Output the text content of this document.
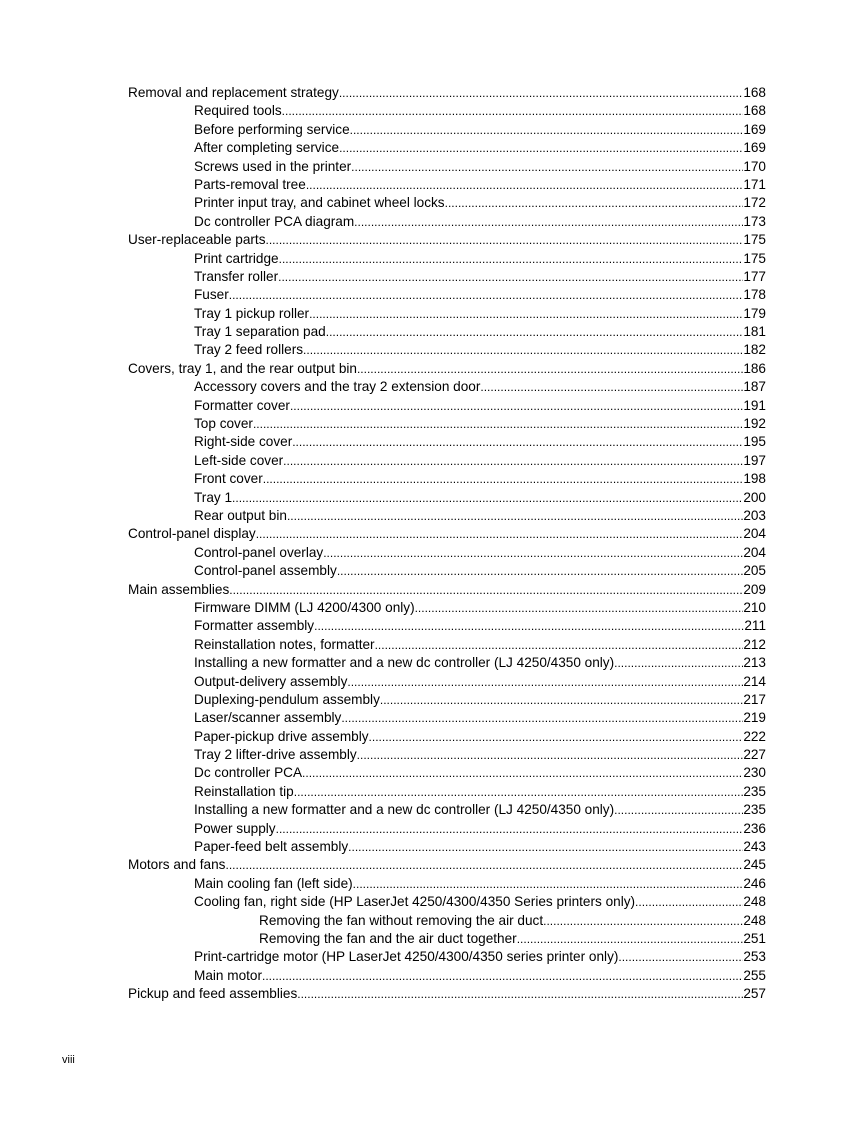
Removal and replacement strategy .....	168
Required tools .....	168
Before performing service .....	169
After completing service .....	169
Screws used in the printer .....	170
Parts-removal tree .....	171
Printer input tray, and cabinet wheel locks .....	172
Dc controller PCA diagram .....	173
User-replaceable parts .....	175
Print cartridge .....	175
Transfer roller .....	177
Fuser .....	178
Tray 1 pickup roller .....	179
Tray 1 separation pad .....	181
Tray 2 feed rollers .....	182
Covers, tray 1, and the rear output bin .....	186
Accessory covers and the tray 2 extension door .....	187
Formatter cover .....	191
Top cover .....	192
Right-side cover .....	195
Left-side cover .....	197
Front cover .....	198
Tray 1 .....	200
Rear output bin .....	203
Control-panel display .....	204
Control-panel overlay .....	204
Control-panel assembly .....	205
Main assemblies .....	209
Firmware DIMM (LJ 4200/4300 only) .....	210
Formatter assembly .....	211
Reinstallation notes, formatter .....	212
Installing a new formatter and a new dc controller (LJ 4250/4350 only) .....	213
Output-delivery assembly .....	214
Duplexing-pendulum assembly .....	217
Laser/scanner assembly .....	219
Paper-pickup drive assembly .....	222
Tray 2 lifter-drive assembly .....	227
Dc controller PCA .....	230
Reinstallation tip .....	235
Installing a new formatter and a new dc controller (LJ 4250/4350 only) .....	235
Power supply .....	236
Paper-feed belt assembly .....	243
Motors and fans .....	245
Main cooling fan (left side) .....	246
Cooling fan, right side (HP LaserJet 4250/4300/4350 Series printers only) .....	248
Removing the fan without removing the air duct .....	248
Removing the fan and the air duct together .....	251
Print-cartridge motor (HP LaserJet 4250/4300/4350 series printer only) .....	253
Main motor .....	255
Pickup and feed assemblies .....	257
viii
